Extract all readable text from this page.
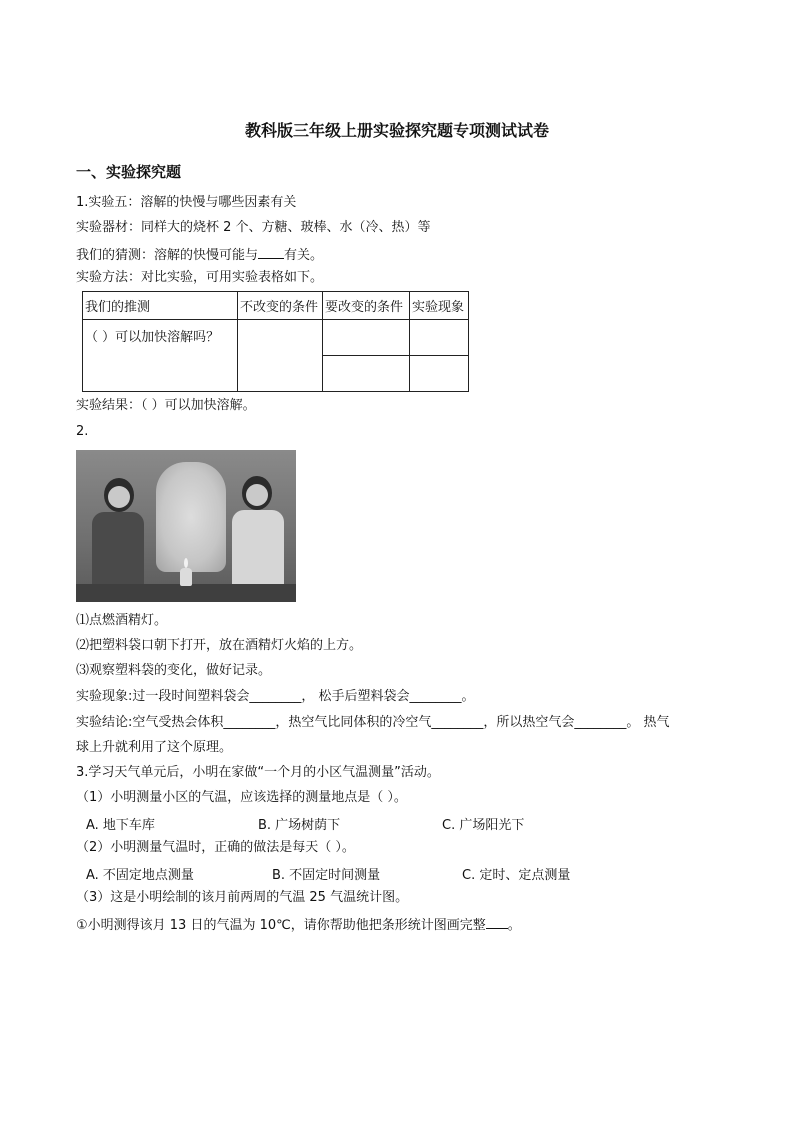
教科版三年级上册实验探究题专项测试试卷
一、实验探究题
1.实验五：溶解的快慢与哪些因素有关
实验器材：同样大的烧杯 2 个、方糖、玻棒、水（冷、热）等
我们的猜测：溶解的快慢可能与 有关。
实验方法：对比实验，可用实验表格如下。
我们的推测	不改变的条件	要改变的条件	实验现象
（ ）可以加快溶解吗？			

实验结果：（ ）可以加快溶解。
2.
⑴点燃酒精灯。
⑵把塑料袋口朝下打开，放在酒精灯火焰的上方。
⑶观察塑料袋的变化，做好记录。
实验现象:过一段时间塑料袋会________， 松手后塑料袋会________。
实验结论:空气受热会体积________，热空气比同体积的冷空气________，所以热空气会________。 热气
球上升就利用了这个原理。
3.学习天气单元后，小明在家做“一个月的小区气温测量”活动。
（1）小明测量小区的气温，应该选择的测量地点是（ ）。
A. 地下车库	B. 广场树荫下	C. 广场阳光下
（2）小明测量气温时，正确的做法是每天（ ）。
A. 不固定地点测量	B. 不固定时间测量	C. 定时、定点测量
（3）这是小明绘制的该月前两周的气温 25 气温统计图。
①小明测得该月 13 日的气温为 10℃，请你帮助他把条形统计图画完整 。
